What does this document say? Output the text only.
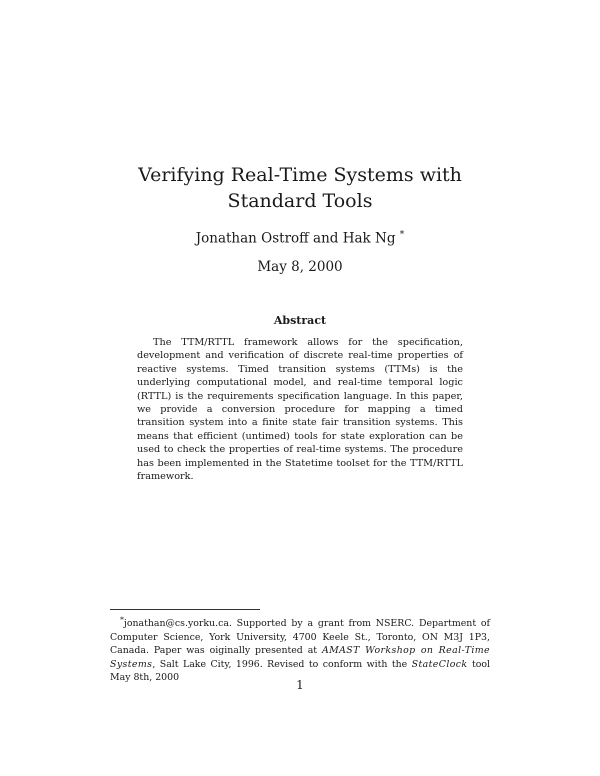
Verifying Real-Time Systems with Standard Tools

Jonathan Ostroff and Hak Ng *

May 8, 2000

Abstract

The TTM/RTTL framework allows for the specification, development and verification of discrete real-time properties of reactive systems. Timed transition systems (TTMs) is the underlying computational model, and real-time temporal logic (RTTL) is the requirements specification language. In this paper, we provide a conversion procedure for mapping a timed transition system into a finite state fair transition systems. This means that efficient (untimed) tools for state exploration can be used to check the properties of real-time systems. The procedure has been implemented in the Statetime toolset for the TTM/RTTL framework.

*jonathan@cs.yorku.ca. Supported by a grant from NSERC. Department of Computer Science, York University, 4700 Keele St., Toronto, ON M3J 1P3, Canada. Paper was oiginally presented at AMAST Workshop on Real-Time Systems, Salt Lake City, 1996. Revised to conform with the StateClock tool May 8th, 2000

1
